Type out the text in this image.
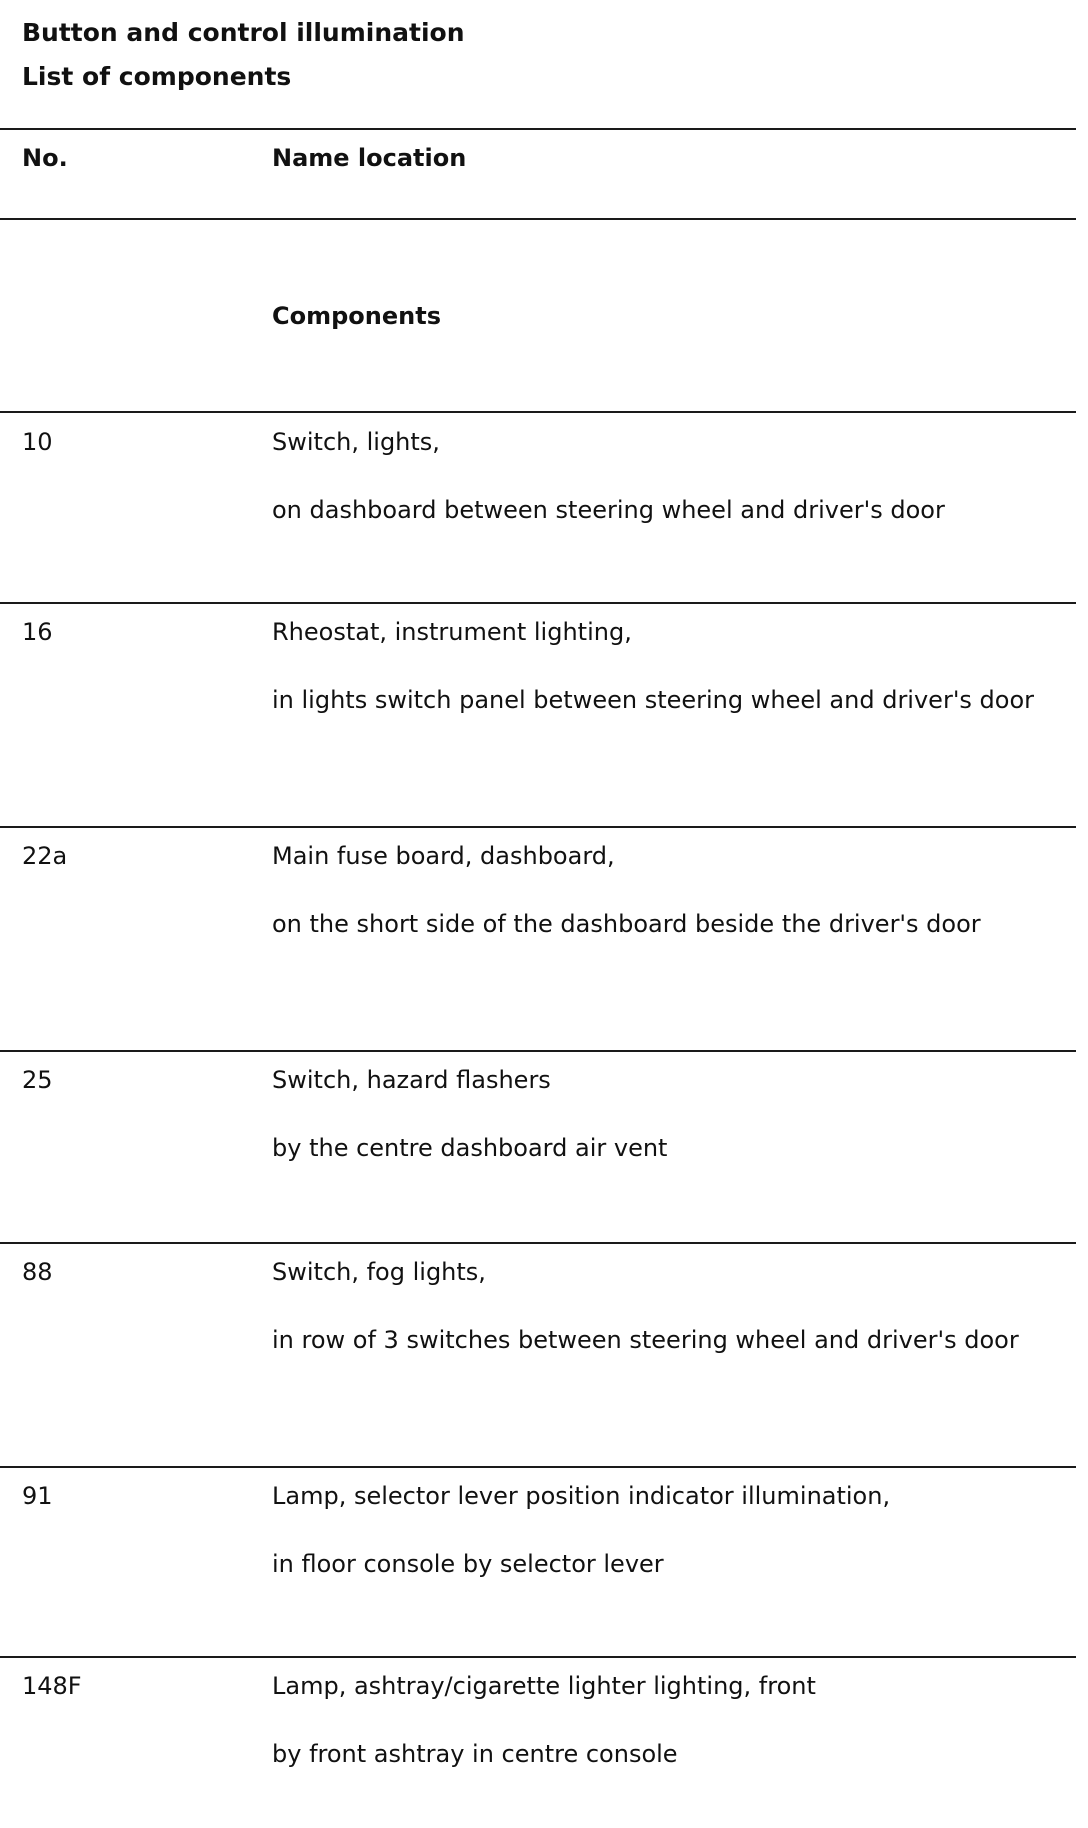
Button and control illumination
List of components
No.	Name location
Components
10	Switch, lights,
on dashboard between steering wheel and driver's door
16	Rheostat, instrument lighting,
in lights switch panel between steering wheel and driver's door
22a	Main fuse board, dashboard,
on the short side of the dashboard beside the driver's door
25	Switch, hazard flashers
by the centre dashboard air vent
88	Switch, fog lights,
in row of 3 switches between steering wheel and driver's door
91	Lamp, selector lever position indicator illumination,
in floor console by selector lever
148F	Lamp, ashtray/cigarette lighter lighting, front
by front ashtray in centre console
